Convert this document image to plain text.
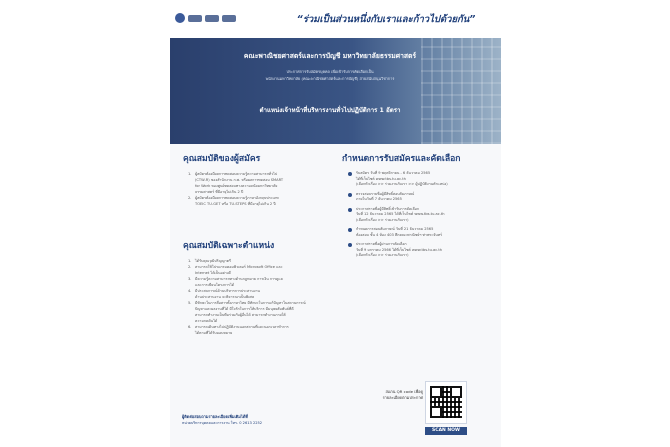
“ร่วมเป็นส่วนหนึ่งกับเราและก้าวไปด้วยกัน”
คณะพาณิชยศาสตร์และการบัญชี มหาวิทยาลัยธรรมศาสตร์
ประกาศการรับสมัครบุคคล เพื่อเข้ารับการคัดเลือกเป็น
พนักงานมหาวิทยาลัย (คณะพาณิชยศาสตร์และการบัญชี) สายสนับสนุนวิชาการ
ตำแหน่งเจ้าหน้าที่บริหารงานทั่วไปปฏิบัติการ 1 อัตรา
คุณสมบัติของผู้สมัคร
1. ผู้สมัครต้องมีผลการทดสอบความรู้ความสามารถทั่วไป
(CTW-R) ของสำนักงาน ก.พ. หรือผลการทดสอบ SMART
for Work ของศูนย์ทดสอบทางความถนัดมหาวิทยาลัย
ธรรมศาสตร์ ที่มีอายุไม่เกิน 2 ปี
2. ผู้สมัครต้องมีผลการทดสอบความรู้ภาษาอังกฤษประเภท
TOEIC TU-GET หรือ TU-STEPS ที่มีอายุไม่เกิน 2 ปี
คุณสมบัติเฉพาะตำแหน่ง
1. ได้รับคุณวุฒิปริญญาตรี
2. สามารถใช้โปรแกรมคอมพิวเตอร์ Microsoft Office และ
Internet ได้เป็นอย่างดี
3. มีความรู้ความสามารถทางด้านกฎหมาย การเงิน การดูแล
และการเขียนโครงการได้
4. มีประสบการณ์ด้านบริหารการประสานงาน
ด้านประสานงาน จะพิจารณาเป็นพิเศษ
5. มีทักษะในการสื่อสารทั้งภาษาไทย มีทักษะในการแก้ปัญหาในสถานการณ์
ปัญหาและผลงานที่ได้ มีใจรักในการให้บริการ มีมนุษยสัมพันธ์ที่ดี
สามารถทำงานเป็นทีมร่วมกับผู้อื่นได้ สามารถทำงานภายใต้
ความกดดันได้
6. สามารถเดินทางไปปฏิบัติงานนอกสถานที่และนอกเวลาทำการ
ได้ตามที่ได้รับมอบหมาย
กำหนดการรับสมัครและคัดเลือก
รับสมัคร วันที่ 9 พฤศจิกายน - 6 ธันวาคม 2565
ได้ที่เว็บไซต์ www.tbs.tu.ac.th
(เลือกหัวเรื่อง >> ร่วมงานกับเรา >> ผู้ปฏิบัติงานตำแหน่ง)
ตรวจสอบรายชื่อผู้มีสิทธิ์สอบสัมภาษณ์
ภายในวันที่ 7 ธันวาคม 2565
ประกาศรายชื่อผู้มีสิทธิ์เข้ารับการคัดเลือก
วันที่ 12 ธันวาคม 2565 ได้ที่เว็บไซต์ www.tbs.tu.ac.th
(เลือกหัวเรื่อง >> ร่วมงานกับเรา)
กำหนดการสอบสัมภาษณ์ วันที่ 21 ธันวาคม 2565
ห้องสอบ ชั้น 4 ห้อง 403 ตึกคณะพาณิชย์ฯ ท่าพระจันทร์
ประกาศรายชื่อผู้ผ่านการคัดเลือก
วันที่ 9 มกราคม 2566 ได้ที่เว็บไซต์ www.tbs.tu.ac.th
(เลือกหัวเรื่อง >> ร่วมงานกับเรา)
สแกน QR code เพื่อดู
รายละเอียดตามประกาศ
SCAN NOW
ผู้ติดต่อสอบถามรายละเอียดเพิ่มเติมได้ที่
หน่วยบริหารบุคคลและการงาน โทร. 0 2613 2252
